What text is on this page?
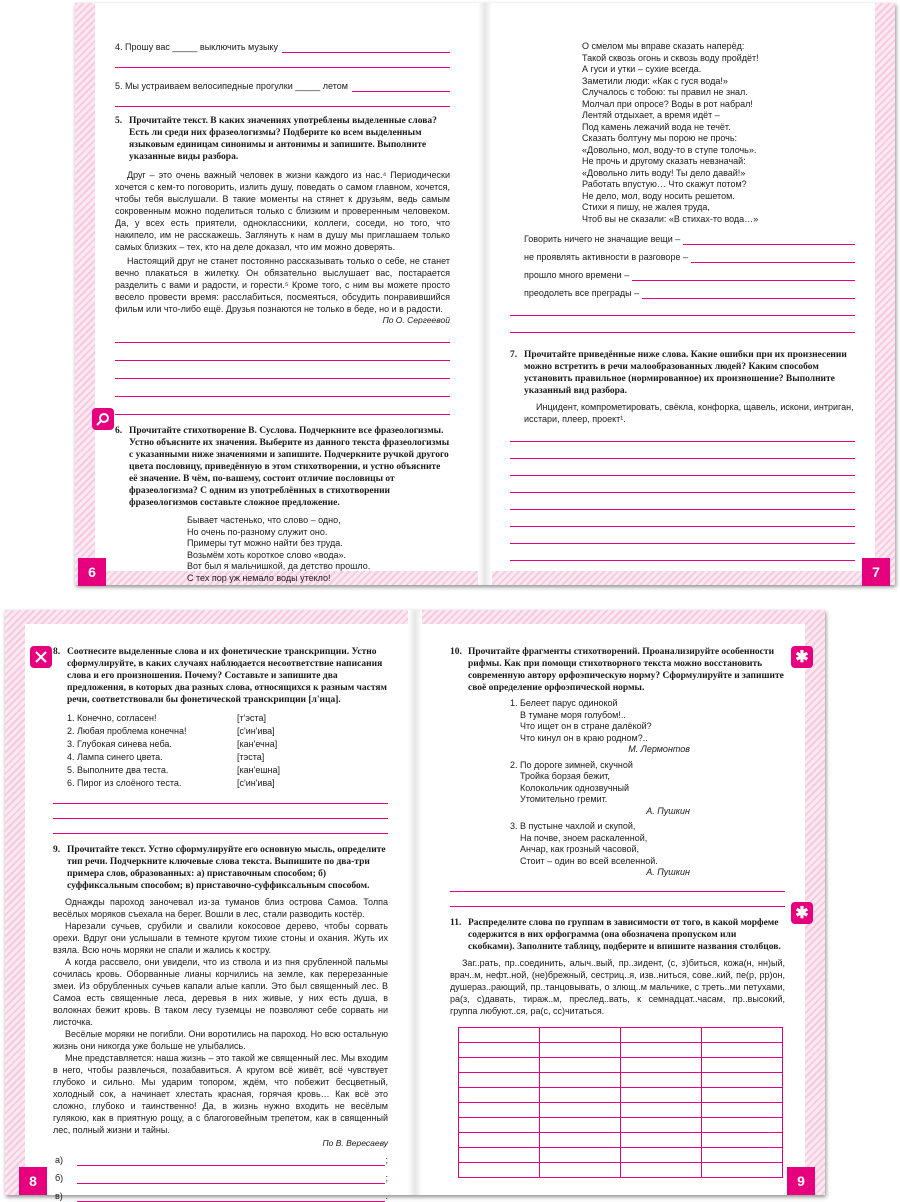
4. Прошу вас _____ выключить музыку
5. Мы устраиваем велосипедные прогулки _____ летом
5. Прочитайте текст. В каких значениях употреблены выделенные слова? Есть ли среди них фразеологизмы? Подберите ко всем выделенным языковым единицам синонимы и антонимы и запишите. Выполните указанные виды разбора.

Друг – это очень важный человек в жизни каждого из нас.⁴ Периодически хочется с кем-то поговорить, излить душу, поведать о самом главном, хочется, чтобы тебя выслушали. В такие моменты на стянет к друзьям, ведь самым сокровенным можно поделиться только с близким и проверенным человеком. Да, у всех есть приятели, одноклассники, коллеги, соседи, но того, что накипело, им не расскажешь. Заглянуть к нам в душу мы приглашаем только самых близких – тех, кто на деле доказал, что им можно доверять.

Настоящий друг не станет постоянно рассказывать только о себе, не станет вечно плакаться в жилетку. Он обязательно выслушает вас, постарается разделить с вами и радости, и горести.⁵ Кроме того, с ним вы можете просто весело провести время: расслабиться, посмеяться, обсудить понравившийся фильм или что-либо ещё. Друзья познаются не только в беде, но и в радости.

По О. Сергеевой
6. Прочитайте стихотворение В. Суслова. Подчеркните все фразеологизмы. Устно объясните их значения. Выберите из данного текста фразеологизмы с указанными ниже значениями и запишите. Подчеркните ручкой другого цвета пословицу, приведённую в этом стихотворении, и устно объясните её значение. В чём, по-вашему, состоит отличие пословицы от фразеологизма? С одним из употреблённых в стихотворении фразеологизмов составьте сложное предложение.
Бывает частенько, что слово – одно,
Но очень по-разному служит оно.
Примеры тут можно найти без труда.
Возьмём хоть короткое слово «вода».
Вот был я мальчишкой, да детство прошло.
С тех пор уж немало воды утекло!
6
О смелом мы вправе сказать наперёд:
Такой сквозь огонь и сквозь воду пройдёт!
А гуси и утки – сухие всегда.
Заметили люди: «Как с гуся вода!»
Случалось с тобою: ты правил не знал.
Молчал при опросе? Воды в рот набрал!
Лентяй отдыхает, а время идёт –
Под камень лежачий вода не течёт.
Сказать болтуну мы порою не прочь:
«Довольно, мол, воду-то в ступе толочь».
Не прочь и другому сказать невзначай:
«Довольно лить воду! Ты дело давай!»
Работать впустую… Что скажут потом?
Не дело, мол, воду носить решетом.
Стихи я пишу, не жалея труда,
Чтоб вы не сказали: «В стихах-то вода…»
Говорить ничего не значащие вещи –
не проявлять активности в разговоре –
прошло много времени –
преодолеть все преграды –
7. Прочитайте приведённые ниже слова. Какие ошибки при их произнесении можно встретить в речи малообразованных людей? Каким способом установить правильное (нормированное) их произношение? Выполните указанный вид разбора.

Инцидент, компрометировать, свёкла, конфорка, щавель, искони, интриган, исстари, плеер, проект¹.

7
8. Соотнесите выделенные слова и их фонетические транскрипции. Устно сформулируйте, в каких случаях наблюдается несоответствие написания слова и его произношения. Почему? Составьте и запишите два предложения, в которых два разных слова, относящихся к разным частям речи, соответствовали бы фонетической транскрипции [л'ица].
1. Конечно, согласен!	[т'эста]
2. Любая проблема конечна!	[с'ин'ива]
3. Глубокая синева неба.	[кан'ечна]
4. Лампа синего цвета.	[тэста]
5. Выполните два теста.	[кан'ешна]
6. Пирог из слоёного теста.	[с'ин'ива]
9. Прочитайте текст. Устно сформулируйте его основную мысль, определите тип речи. Подчеркните ключевые слова текста. Выпишите по два-три примера слов, образованных: а) приставочным способом; б) суффиксальным способом; в) приставочно-суффиксальным способом.

Однажды пароход заночевал из-за туманов близ острова Самоа. Толпа весёлых моряков съехала на берег. Вошли в лес, стали разводить костёр.

Нарезали сучьев, срубили и свалили кокосовое дерево, чтобы сорвать орехи. Вдруг они услышали в темноте кругом тихие стоны и охания. Жуть их взяла. Всю ночь моряки не спали и жались к костру.

А когда рассвело, они увидели, что из ствола и из пня срубленной пальмы сочилась кровь. Оборванные лианы корчились на земле, как перерезанные змеи. Из обрубленных сучьев капали алые капли. Это был священный лес. В Самоа есть священные леса, деревья в них живые, у них есть душа, в волокнах бежит кровь. В таком лесу туземцы не позволяют себе сорвать ни листочка.

Весёлые моряки не погибли. Они воротились на пароход. Но всю остальную жизнь они никогда уже больше не улыбались.

Мне представляется: наша жизнь – это такой же священный лес. Мы входим в него, чтобы развлечься, позабавиться. А кругом всё живёт, всё чувствует глубоко и сильно. Мы ударим топором, ждём, что побежит бесцветный, холодный сок, а начинает хлестать красная, горячая кровь… Как всё это сложно, глубоко и таинственно! Да, в жизнь нужно входить не весёлым гулякою, как в приятную рощу, а с благоговейным трепетом, как в священный лес, полный жизни и тайны.

По В. Вересаеву
а)	;
б)	;
в)	.
8
10. Прочитайте фрагменты стихотворений. Проанализируйте особенности рифмы. Как при помощи стихотворного текста можно восстановить современную автору орфоэпическую норму? Сформулируйте и запишите своё определение орфоэпической нормы.
1. Белеет парус одинокой
В тумане моря голубом!..
Что ищет он в стране далёкой?
Что кинул он в краю родном?..
М. Лермонтов
2. По дороге зимней, скучной
Тройка борзая бежит,
Колокольчик однозвучный
Утомительно гремит.
А. Пушкин
3. В пустыне чахлой и скупой,
На почве, зноем раскаленной,
Анчар, как грозный часовой,
Стоит – один во всей вселенной.
А. Пушкин
11. Распределите слова по группам в зависимости от того, в какой морфеме содержится в них орфограмма (она обозначена пропуском или скобками). Заполните таблицу, подберите и впишите названия столбцов.

Заг..рать, пр..соединить, алыч..вый, пр..зидент, (с, з)биться, кожа(н, нн)ый, врач..м, нефт..ной, (не)брежный, сестриц..я, изв..ниться, сове..кий, пе(р, рр)он, душераз..рающий, пр..танцовывать, о злющ..м мальчике, с треть..ми петухами, ра(з, с)давать, тираж..м, преслед..вать, к семнадцат..часам, пр..высокий, группа любуют..ся, ра(с, сс)читаться.

✱
✱
9
